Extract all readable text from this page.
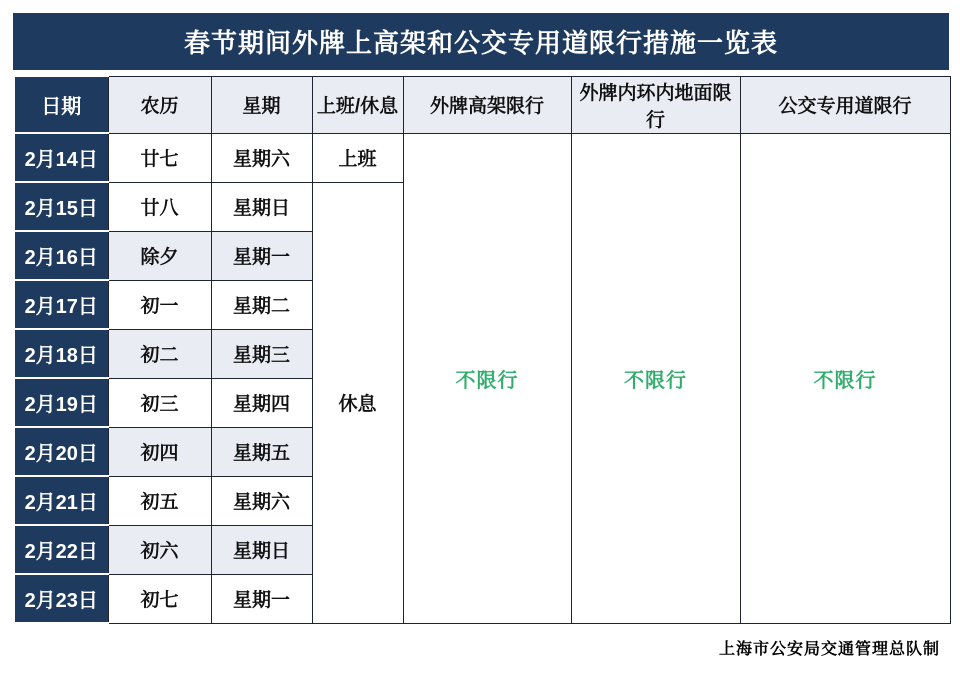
春节期间外牌上高架和公交专用道限行措施一览表
日期	农历	星期	上班/休息	外牌高架限行	外牌内环内地面限行	公交专用道限行
2月14日	廿七	星期六	上班	不限行	不限行	不限行
2月15日	廿八	星期日	休息			
2月16日	除夕	星期一				
2月17日	初一	星期二				
2月18日	初二	星期三				
2月19日	初三	星期四				
2月20日	初四	星期五				
2月21日	初五	星期六				
2月22日	初六	星期日				
2月23日	初七	星期一				
上海市公安局交通管理总队制
